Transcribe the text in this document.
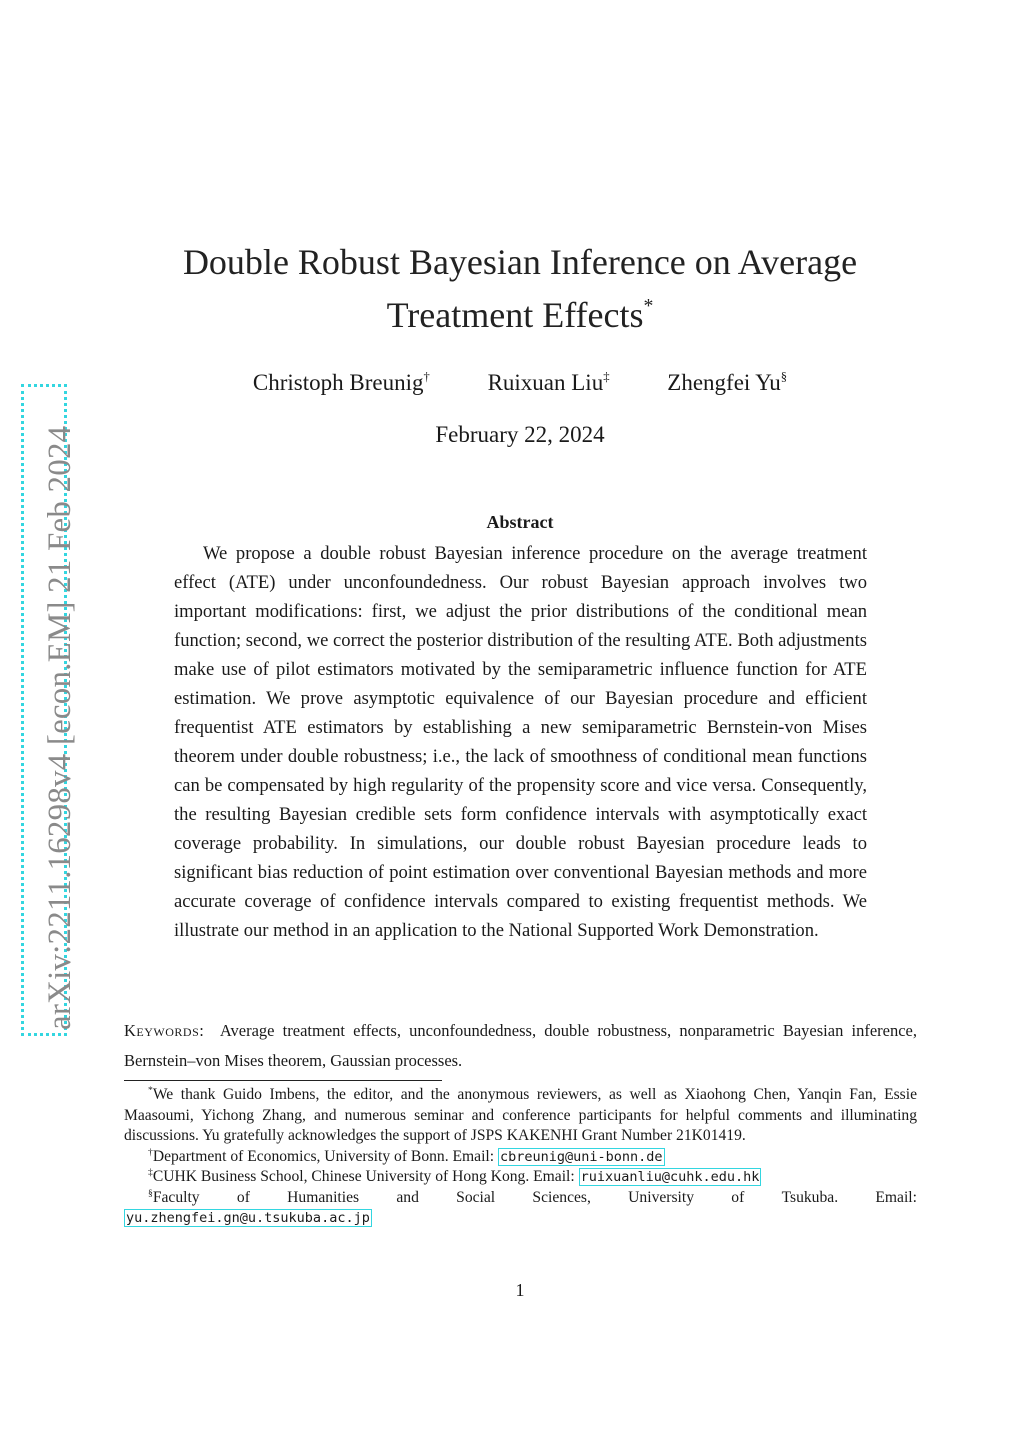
arXiv:2211.16298v4 [econ.EM] 21 Feb 2024
Double Robust Bayesian Inference on Average
Treatment Effects*
Christoph Breunig†	Ruixuan Liu‡	Zhengfei Yu§
February 22, 2024
Abstract
We propose a double robust Bayesian inference procedure on the average treatment effect (ATE) under unconfoundedness. Our robust Bayesian approach involves two important modifications: first, we adjust the prior distributions of the conditional mean function; second, we correct the posterior distribution of the resulting ATE. Both adjustments make use of pilot estimators motivated by the semiparametric influence function for ATE estimation. We prove asymptotic equivalence of our Bayesian procedure and efficient frequentist ATE estimators by establishing a new semiparametric Bernstein-von Mises theorem under double robustness; i.e., the lack of smoothness of conditional mean functions can be compensated by high regularity of the propensity score and vice versa. Consequently, the resulting Bayesian credible sets form confidence intervals with asymptotically exact coverage probability. In simulations, our double robust Bayesian procedure leads to significant bias reduction of point estimation over conventional Bayesian methods and more accurate coverage of confidence intervals compared to existing frequentist methods. We illustrate our method in an application to the National Supported Work Demonstration.
Keywords: Average treatment effects, unconfoundedness, double robustness, nonparametric Bayesian inference, Bernstein–von Mises theorem, Gaussian processes.

*We thank Guido Imbens, the editor, and the anonymous reviewers, as well as Xiaohong Chen, Yanqin Fan, Essie Maasoumi, Yichong Zhang, and numerous seminar and conference participants for helpful comments and illuminating discussions. Yu gratefully acknowledges the support of JSPS KAKENHI Grant Number 21K01419.

†Department of Economics, University of Bonn. Email: cbreunig@uni-bonn.de

‡CUHK Business School, Chinese University of Hong Kong. Email: ruixuanliu@cuhk.edu.hk

§Faculty of Humanities and Social Sciences, University of Tsukuba. Email:

yu.zhengfei.gn@u.tsukuba.ac.jp

1
